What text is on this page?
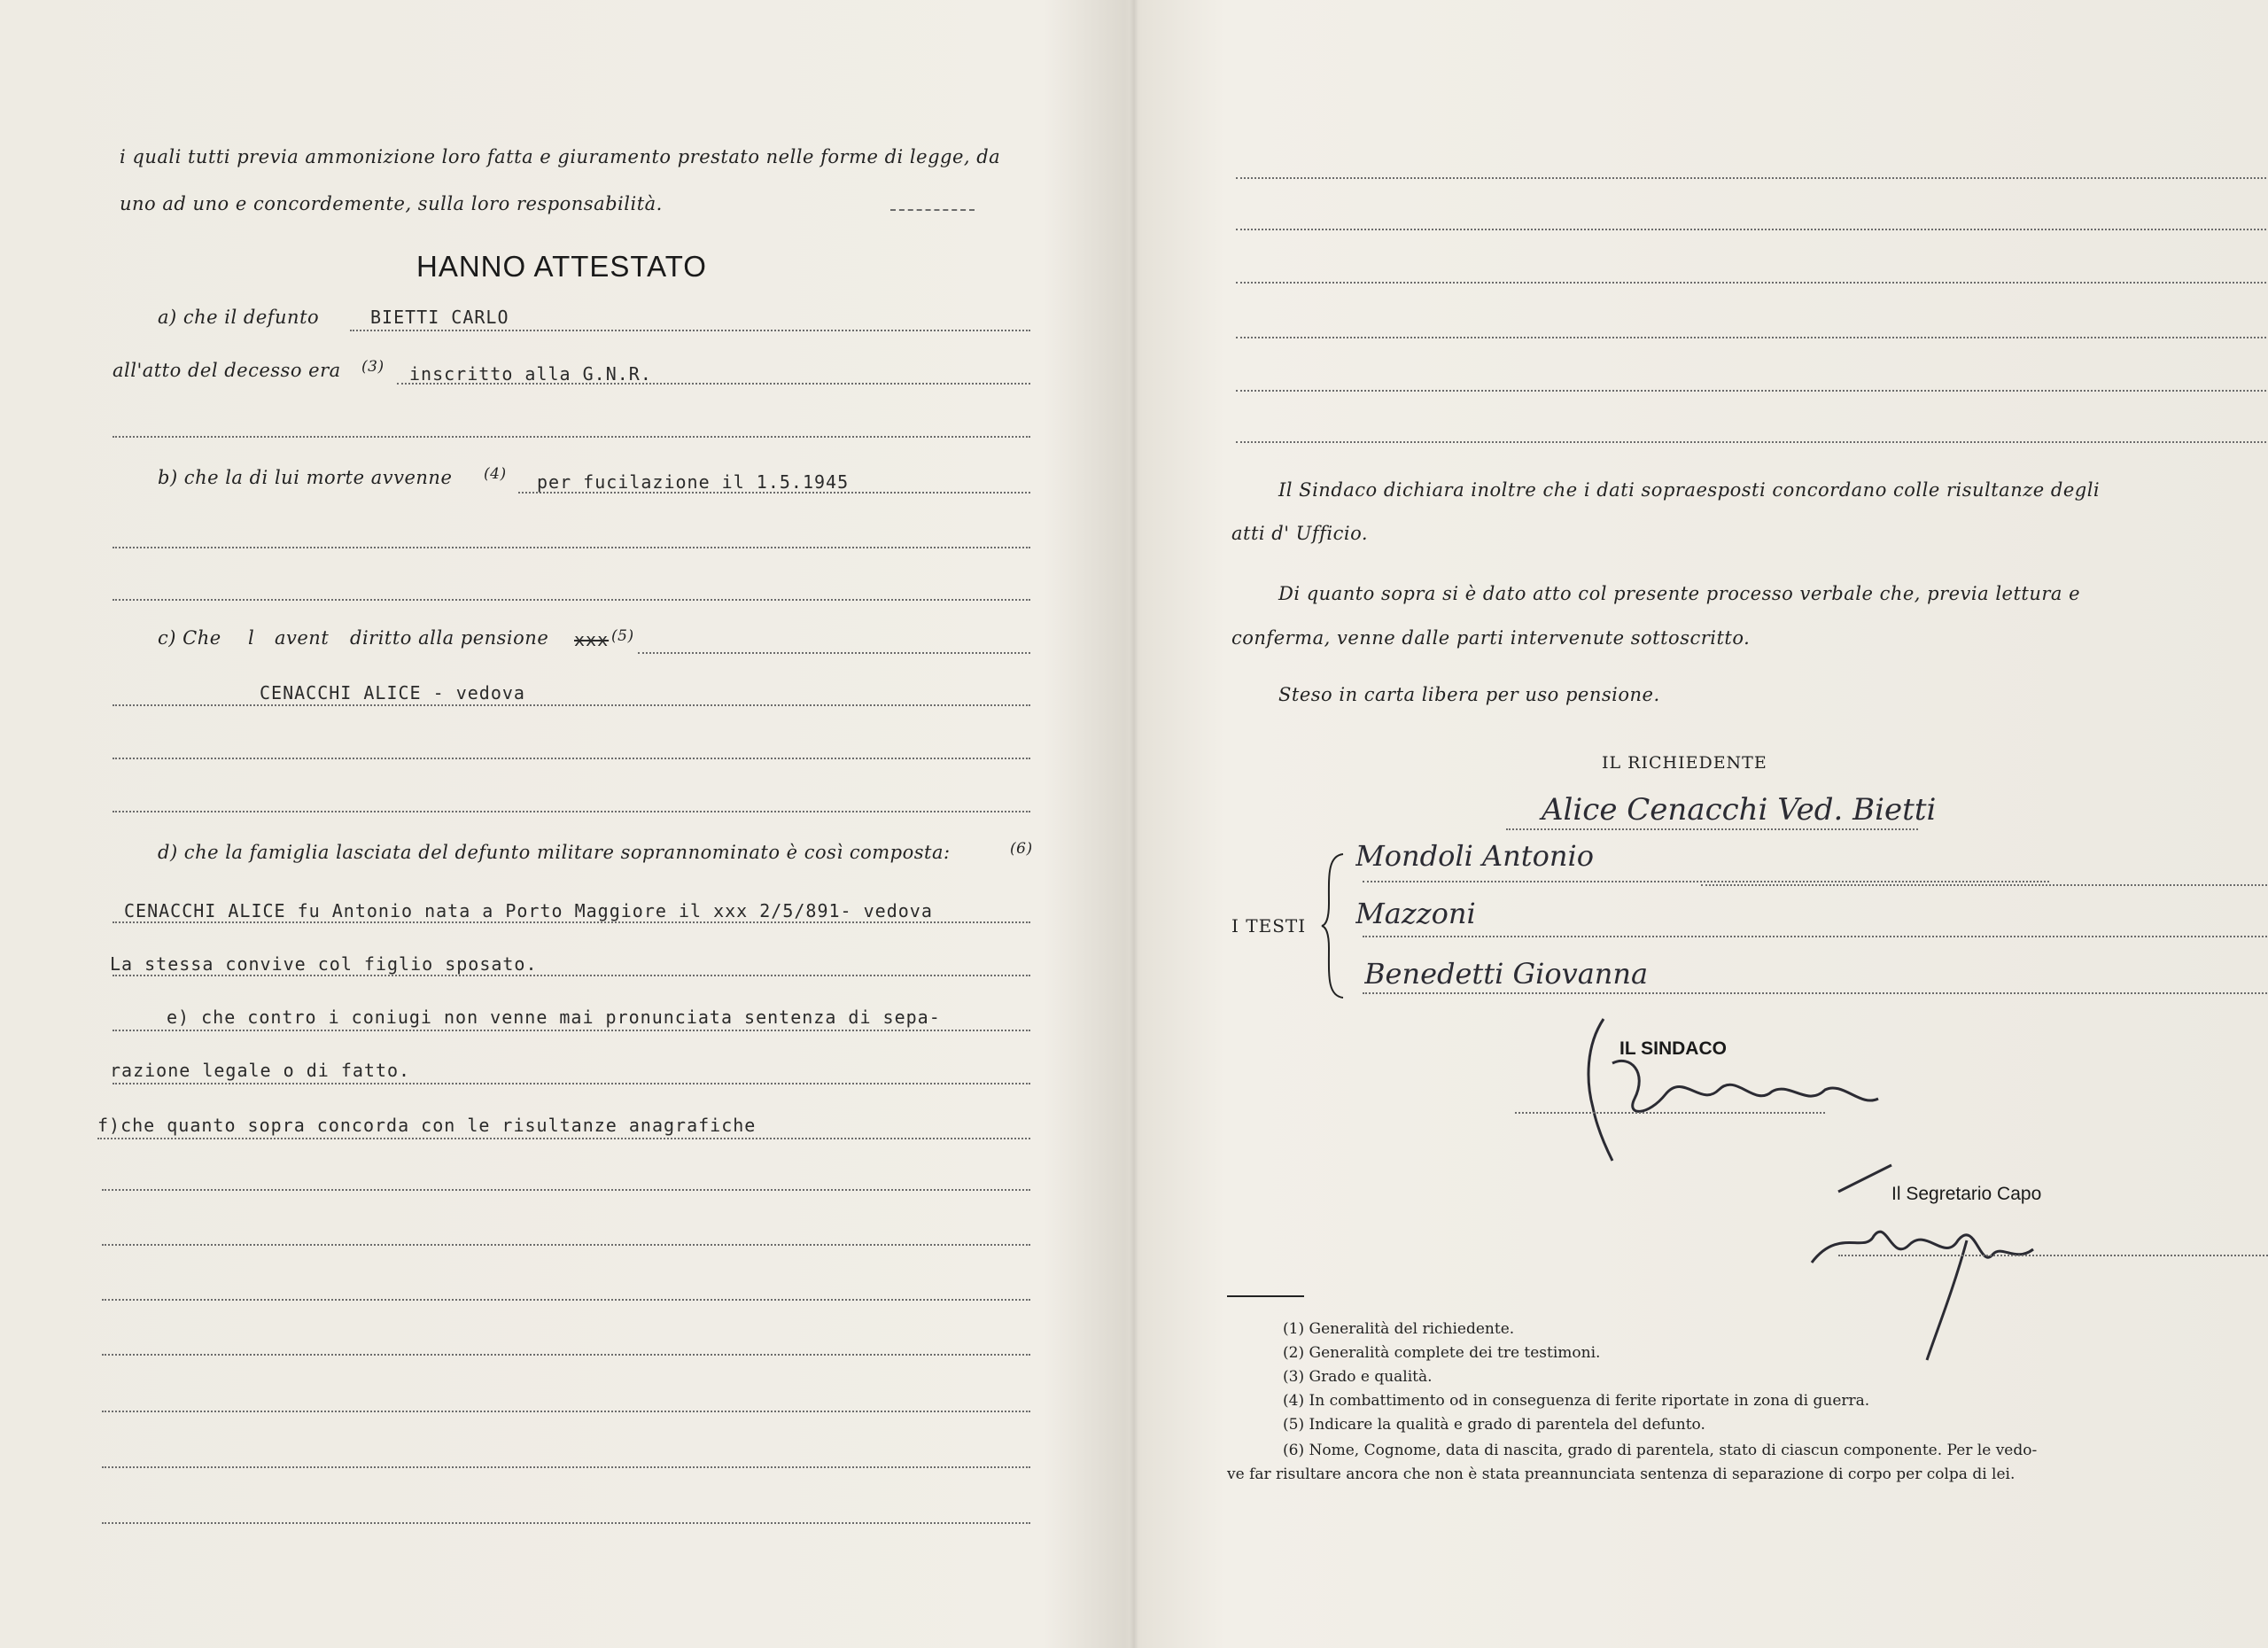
i quali tutti previa ammonizione loro fatta e giuramento prestato nelle forme di legge, da
uno ad uno e concordemente, sulla loro responsabilità.
HANNO ATTESTATO
a) che il defunto	BIETTI CARLO
all'atto del decesso era (3) inscritto alla G.N.R.
b) che la di lui morte avvenne (4) per fucilazione il 1.5.1945
c) Che l avent diritto alla pensione xxx (5)
CENACCHI ALICE - vedova
d) che la famiglia lasciata del defunto militare soprannominato è così composta:	(6)
CENACCHI ALICE fu Antonio nata a Porto Maggiore il xxx 2/5/891- vedova
La stessa convive col figlio sposato.
e) che contro i coniugi non venne mai pronunciata sentenza di sepa-
razione legale o di fatto.
f)che quanto sopra concorda con le risultanze anagrafiche
Il Sindaco dichiara inoltre che i dati sopraesposti concordano colle risultanze degli
atti d' Ufficio.
Di quanto sopra si è dato atto col presente processo verbale che, previa lettura e
conferma, venne dalle parti intervenute sottoscritto.
Steso in carta libera per uso pensione.
IL RICHIEDENTE
Alice Cenacchi Ved. Bietti
I TESTI
Mondoli Antonio
Mazzoni
Benedetti Giovanna
IL SINDACO
Il Segretario Capo
(1) Generalità del richiedente.
(2) Generalità complete dei tre testimoni.
(3) Grado e qualità.
(4) In combattimento od in conseguenza di ferite riportate in zona di guerra.
(5) Indicare la qualità e grado di parentela del defunto.
(6) Nome, Cognome, data di nascita, grado di parentela, stato di ciascun componente. Per le vedo-
ve far risultare ancora che non è stata preannunciata sentenza di separazione di corpo per colpa di lei.
